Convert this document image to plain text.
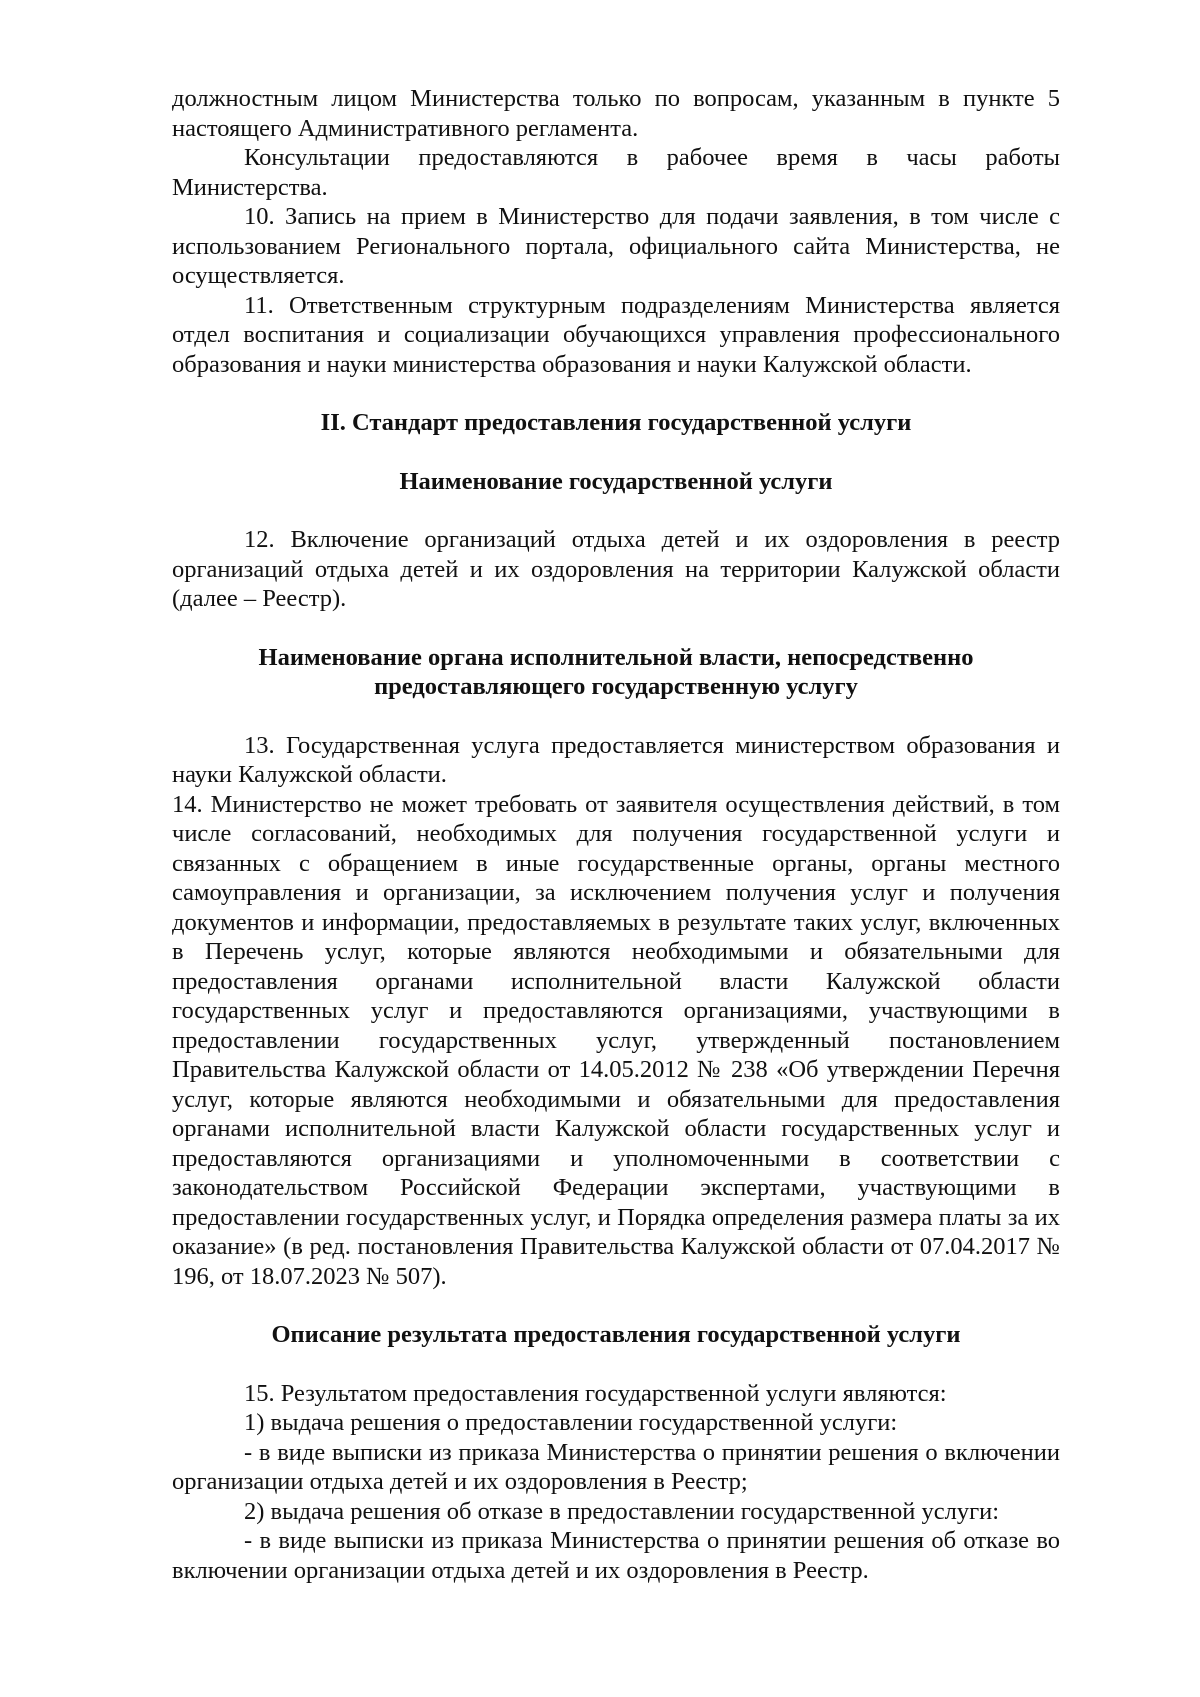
должностным лицом Министерства только по вопросам, указанным в пункте 5 настоящего Административного регламента.

Консультации предоставляются в рабочее время в часы работы Министерства.

10. Запись на прием в Министерство для подачи заявления, в том числе с использованием Регионального портала, официального сайта Министерства, не осуществляется.

11. Ответственным структурным подразделениям Министерства является отдел воспитания и социализации обучающихся управления профессионального образования и науки министерства образования и науки Калужской области.

II. Стандарт предоставления государственной услуги

Наименование государственной услуги

12. Включение организаций отдыха детей и их оздоровления в реестр организаций отдыха детей и их оздоровления на территории Калужской области (далее – Реестр).

Наименование органа исполнительной власти, непосредственно

предоставляющего государственную услугу

13. Государственная услуга предоставляется министерством образования и науки Калужской области.

14. Министерство не может требовать от заявителя осуществления действий, в том числе согласований, необходимых для получения государственной услуги и связанных с обращением в иные государственные органы, органы местного самоуправления и организации, за исключением получения услуг и получения документов и информации, предоставляемых в результате таких услуг, включенных в Перечень услуг, которые являются необходимыми и обязательными для предоставления органами исполнительной власти Калужской области государственных услуг и предоставляются организациями, участвующими в предоставлении государственных услуг, утвержденный постановлением Правительства Калужской области от 14.05.2012 № 238 «Об утверждении Перечня услуг, которые являются необходимыми и обязательными для предоставления органами исполнительной власти Калужской области государственных услуг и предоставляются организациями и уполномоченными в соответствии с законодательством Российской Федерации экспертами, участвующими в предоставлении государственных услуг, и Порядка определения размера платы за их оказание» (в ред. постановления Правительства Калужской области от 07.04.2017 № 196, от 18.07.2023 № 507).

Описание результата предоставления государственной услуги

15. Результатом предоставления государственной услуги являются:

1) выдача решения о предоставлении государственной услуги:

- в виде выписки из приказа Министерства о принятии решения о включении организации отдыха детей и их оздоровления в Реестр;

2) выдача решения об отказе в предоставлении государственной услуги:

- в виде выписки из приказа Министерства о принятии решения об отказе во включении организации отдыха детей и их оздоровления в Реестр.
